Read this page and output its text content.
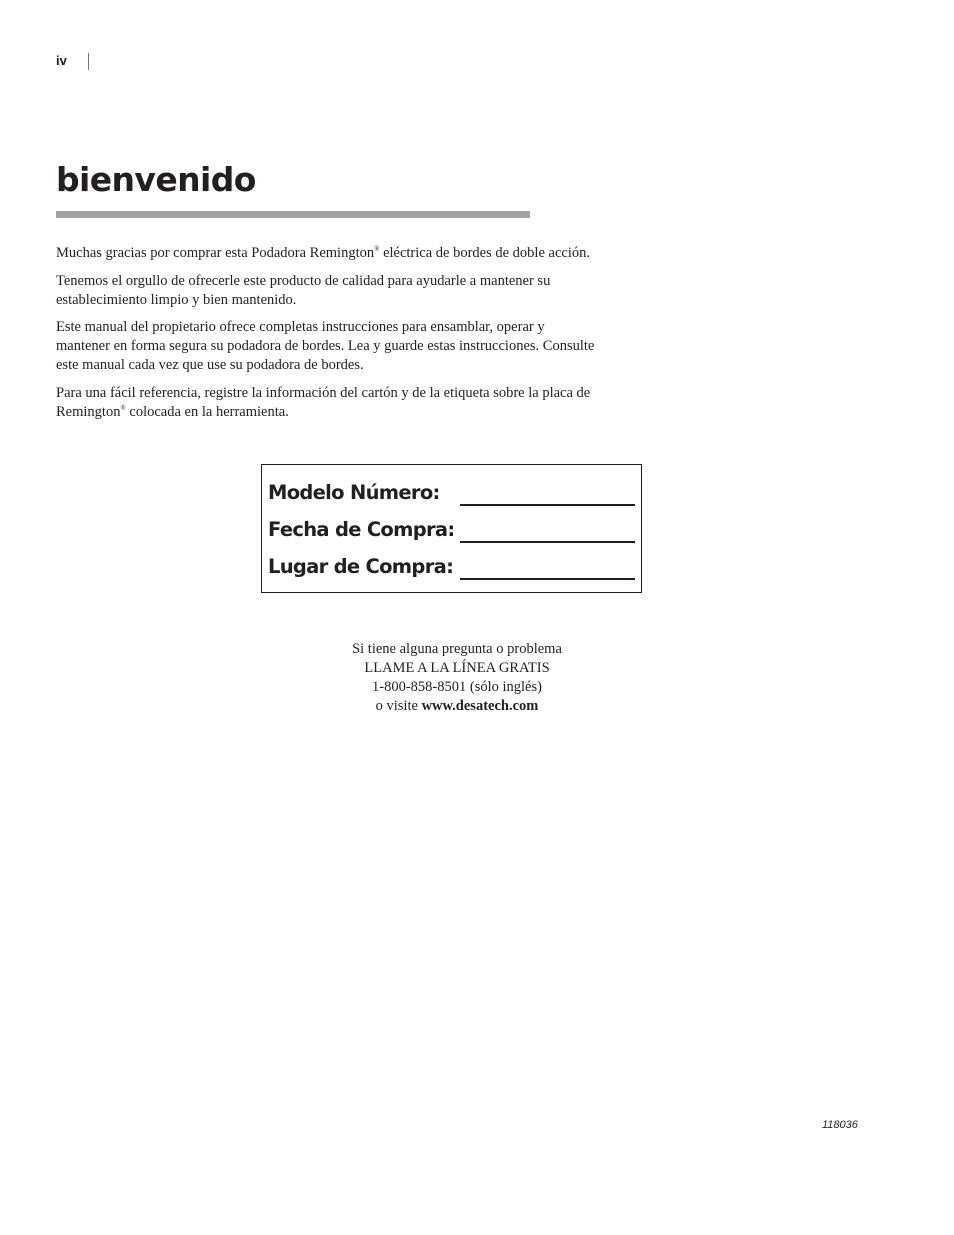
iv
bienvenido

Muchas gracias por comprar esta Podadora Remington® eléctrica de bordes de doble acción.

Tenemos el orgullo de ofrecerle este producto de calidad para ayudarle a mantener su establecimiento limpio y bien mantenido.

Este manual del propietario ofrece completas instrucciones para ensamblar, operar y mantener en forma segura su podadora de bordes. Lea y guarde estas instrucciones. Consulte este manual cada vez que use su podadora de bordes.

Para una fácil referencia, registre la información del cartón y de la etiqueta sobre la placa de Remington® colocada en la herramienta.

Modelo Número:
Fecha de Compra:
Lugar de Compra:
Si tiene alguna pregunta o problema
LLAME A LA LÍNEA GRATIS
1-800-858-8501 (sólo inglés)
o visite www.desatech.com
118036
